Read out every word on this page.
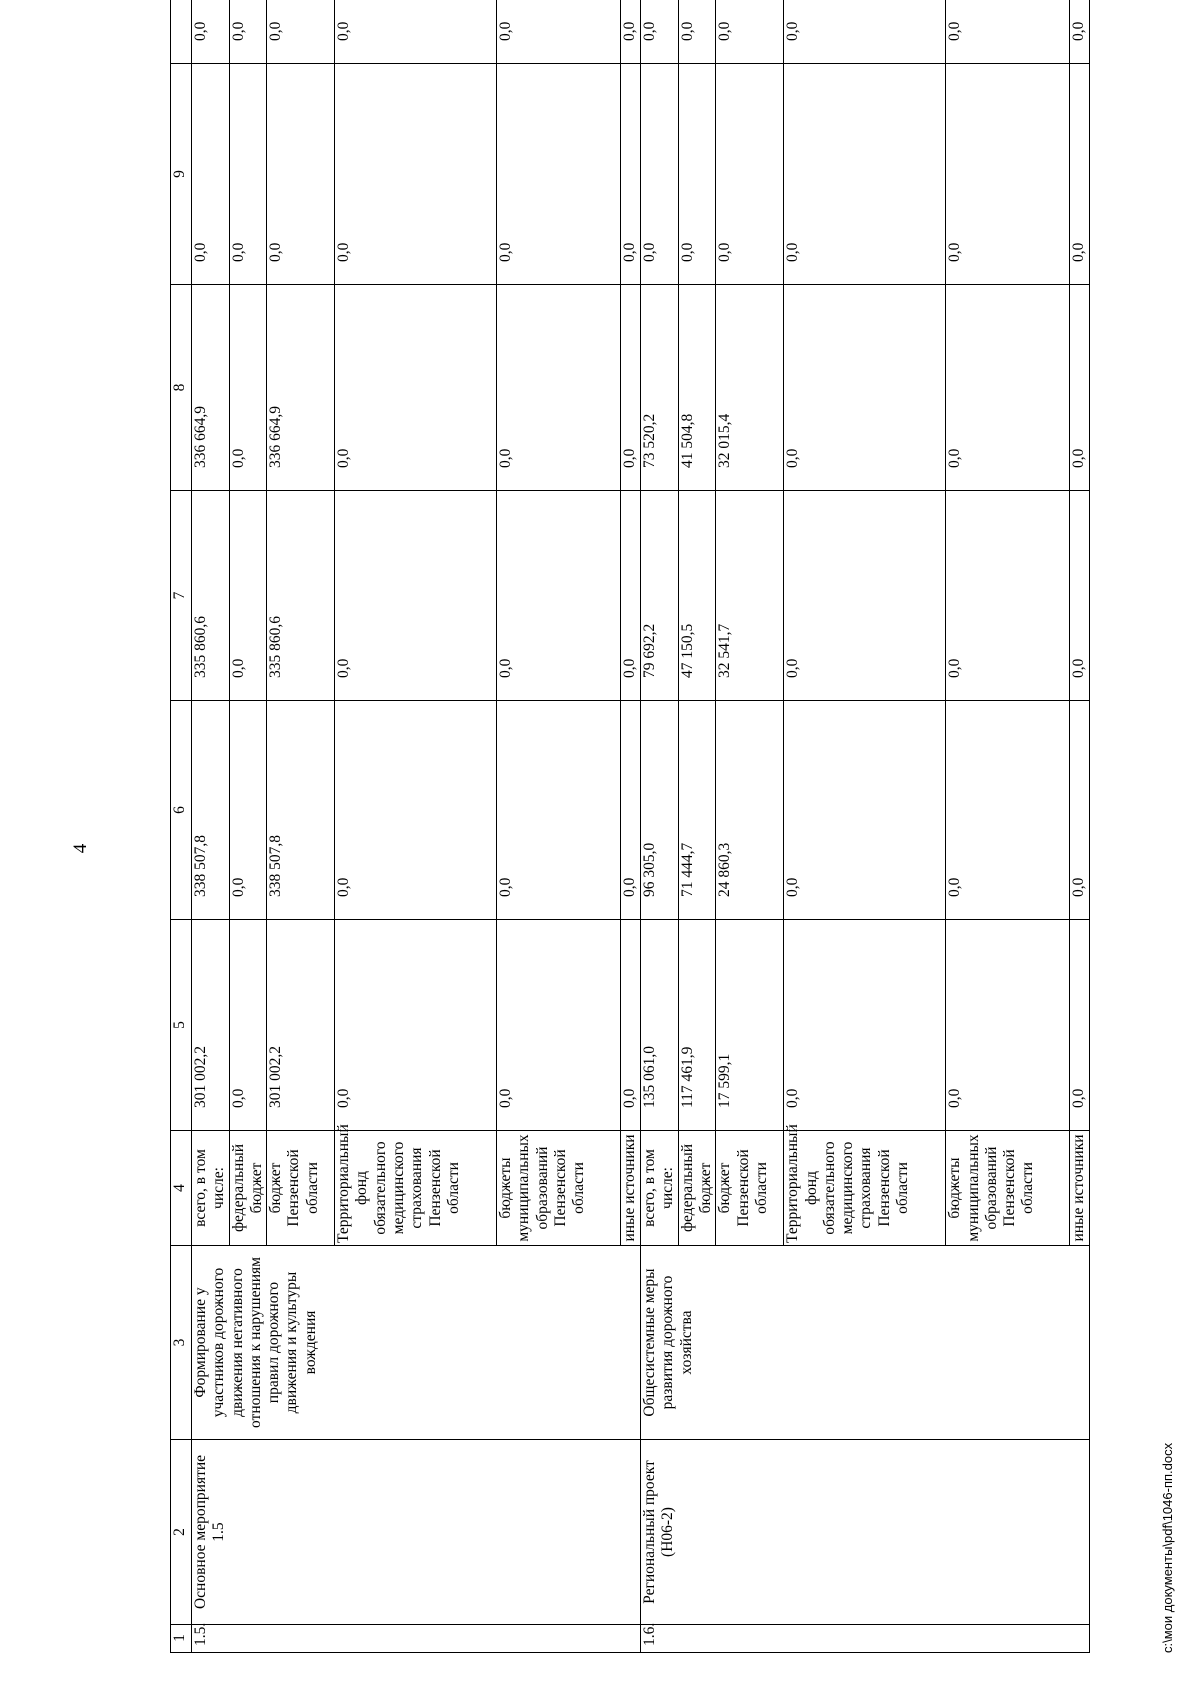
4
1	2	3	4	5	6	7	8	9	
1.5.	Основное мероприятие 1.5	Формирование у участников дорожного движения негативного отношения к нарушениям правил дорожного движения и культуры вождения	всего, в том числе:	301 002,2	338 507,8	335 860,6	336 664,9	0,0	0,0
			федеральный бюджет	0,0	0,0	0,0	0,0	0,0	0,0
			бюджет Пензенской области	301 002,2	338 507,8	335 860,6	336 664,9	0,0	0,0
			Территориальный фонд обязательного медицинского страхования Пензенской области	0,0	0,0	0,0	0,0	0,0	0,0
			бюджеты муниципальных образований Пензенской области	0,0	0,0	0,0	0,0	0,0	0,0
			иные источники	0,0	0,0	0,0	0,0	0,0	0,0
1.6.	Региональный проект (Н06-2)	Общесистемные меры развития дорожного хозяйства	всего, в том числе:	135 061,0	96 305,0	79 692,2	73 520,2	0,0	0,0
			федеральный бюджет	117 461,9	71 444,7	47 150,5	41 504,8	0,0	0,0
			бюджет Пензенской области	17 599,1	24 860,3	32 541,7	32 015,4	0,0	0,0
			Территориальный фонд обязательного медицинского страхования Пензенской области	0,0	0,0	0,0	0,0	0,0	0,0
			бюджеты муниципальных образований Пензенской области	0,0	0,0	0,0	0,0	0,0	0,0
			иные источники	0,0	0,0	0,0	0,0	0,0	0,0
c:\мои документы\pdf\1046-пп.docx
